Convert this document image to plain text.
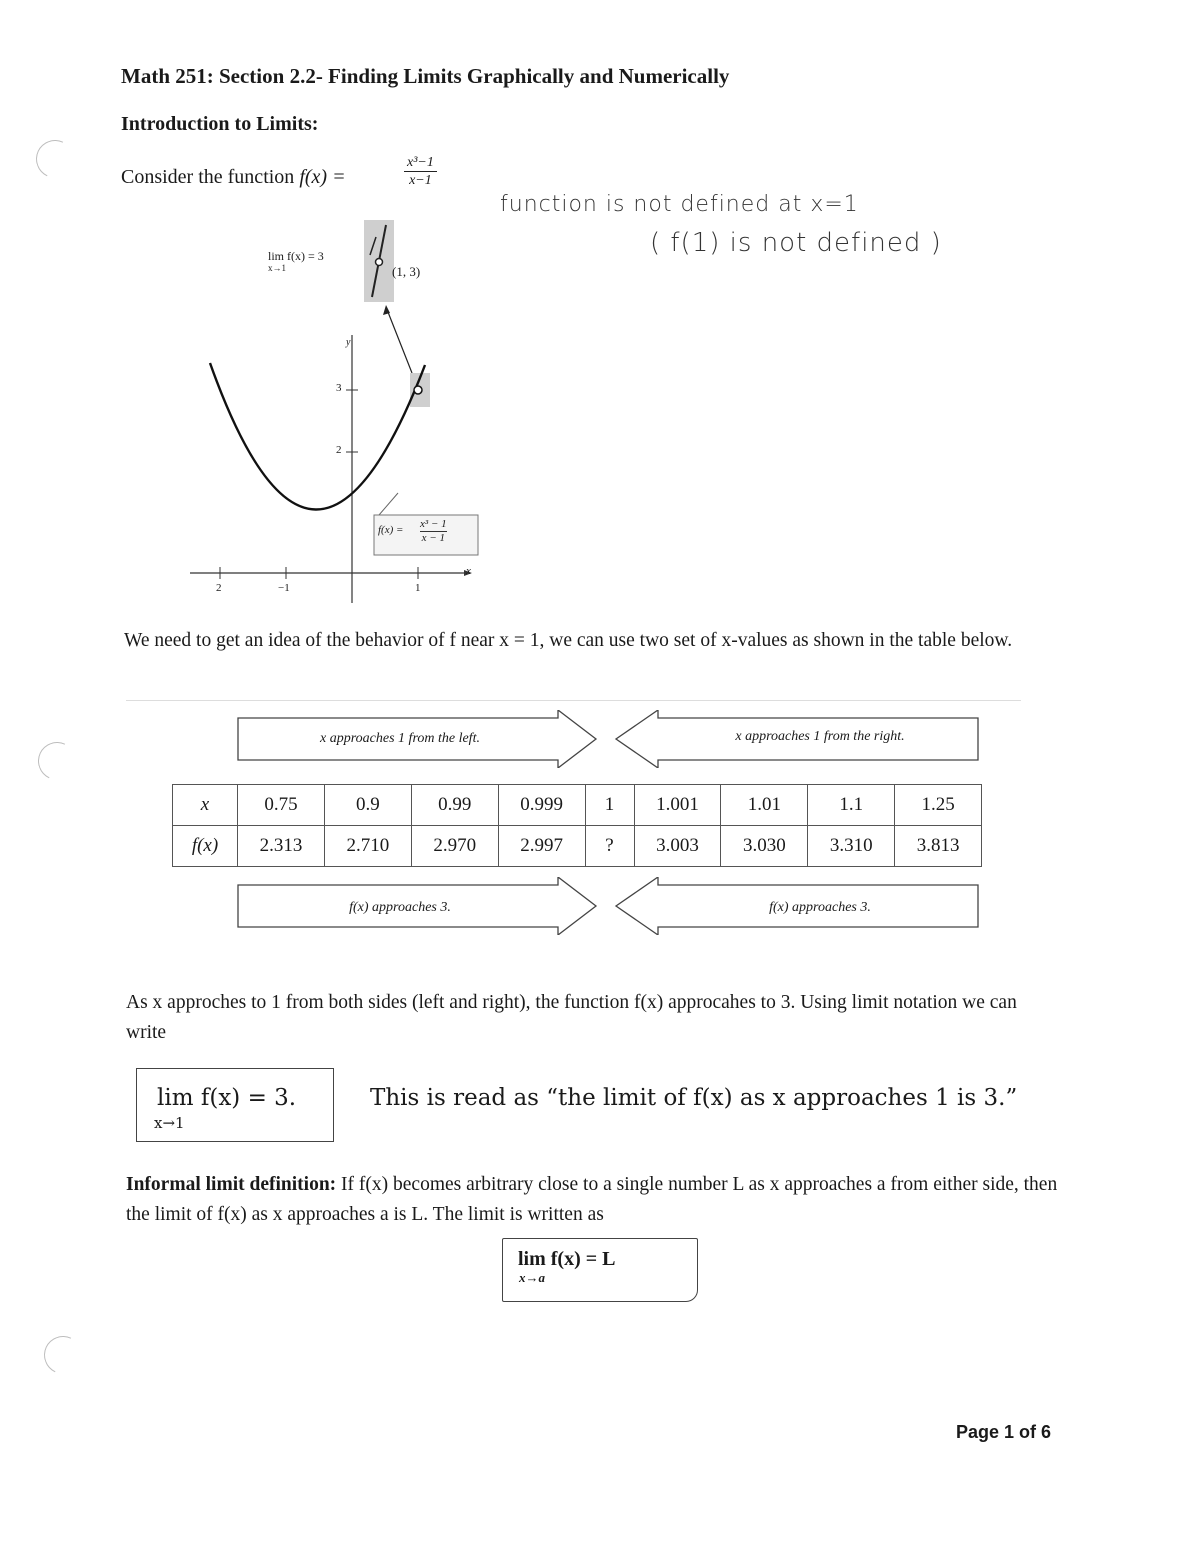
Math 251: Section 2.2- Finding Limits Graphically and Numerically
Introduction to Limits:
Consider the function f(x) =	$\frac{\text{x³−1}}{x-1}$
function is not defined at x=1
( f(1) is not defined )
lim f(x) = 3
x→1	(1, 3)
y
3
2
2	−1	1
x
$f(x) = \frac{\text{x³ − 1}}{x - 1}$
We need to get an idea of the behavior of f near x = 1, we can use two set of x-values as shown in the table below.
x approaches 1 from the left.	x approaches 1 from the right.
x	0.75	0.9	0.99	0.999	1	1.001	1.01	1.1	1.25
f(x)	2.313	2.710	2.970	2.997	?	3.003	3.030	3.310	3.813
f(x) approaches 3.	f(x) approaches 3.
As x approches to 1 from both sides (left and right), the function f(x) approcahes to 3. Using limit notation we can write
lim f(x) = 3.
x→1
This is read as “the limit of f(x) as x approaches 1 is 3.”
Informal limit definition: If f(x) becomes arbitrary close to a single number L as x approaches a from either side, then the limit of f(x) as x approaches a is L. The limit is written as
lim f(x) = L
x→a
Page 1 of 6
